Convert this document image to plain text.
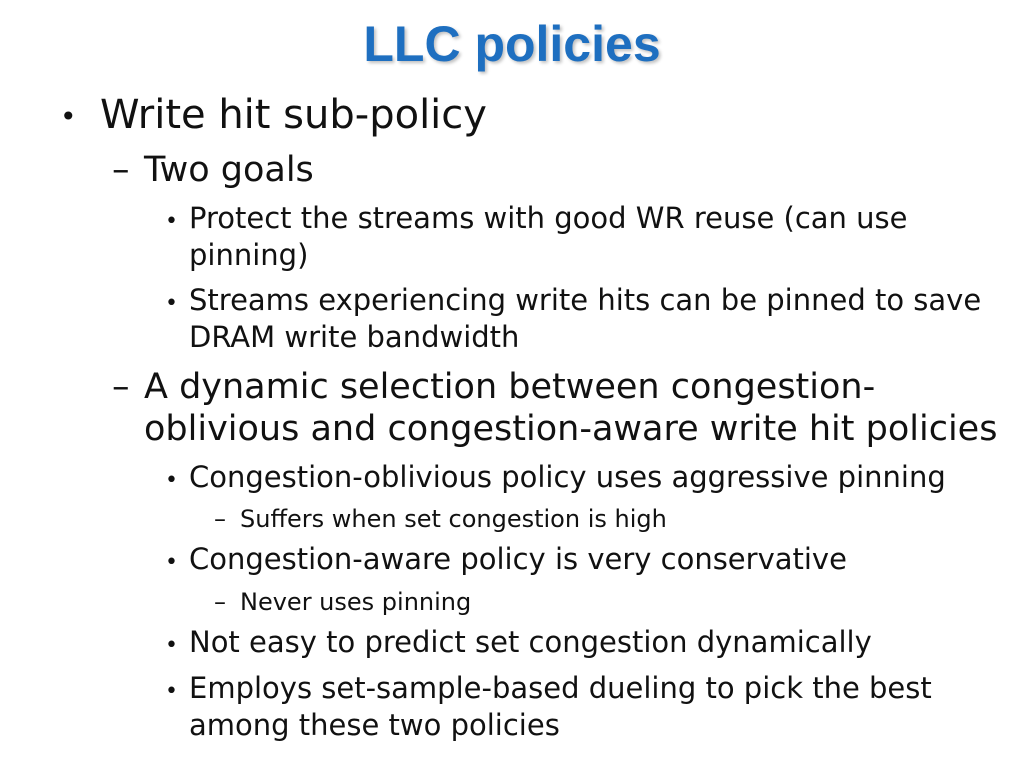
LLC policies
• Write hit sub-policy
– Two goals
• Protect the streams with good WR reuse (can use pinning)
• Streams experiencing write hits can be pinned to save DRAM write bandwidth
– A dynamic selection between congestion-oblivious and congestion-aware write hit policies
• Congestion-oblivious policy uses aggressive pinning
– Suffers when set congestion is high
• Congestion-aware policy is very conservative
– Never uses pinning
• Not easy to predict set congestion dynamically
• Employs set-sample-based dueling to pick the best among these two policies
